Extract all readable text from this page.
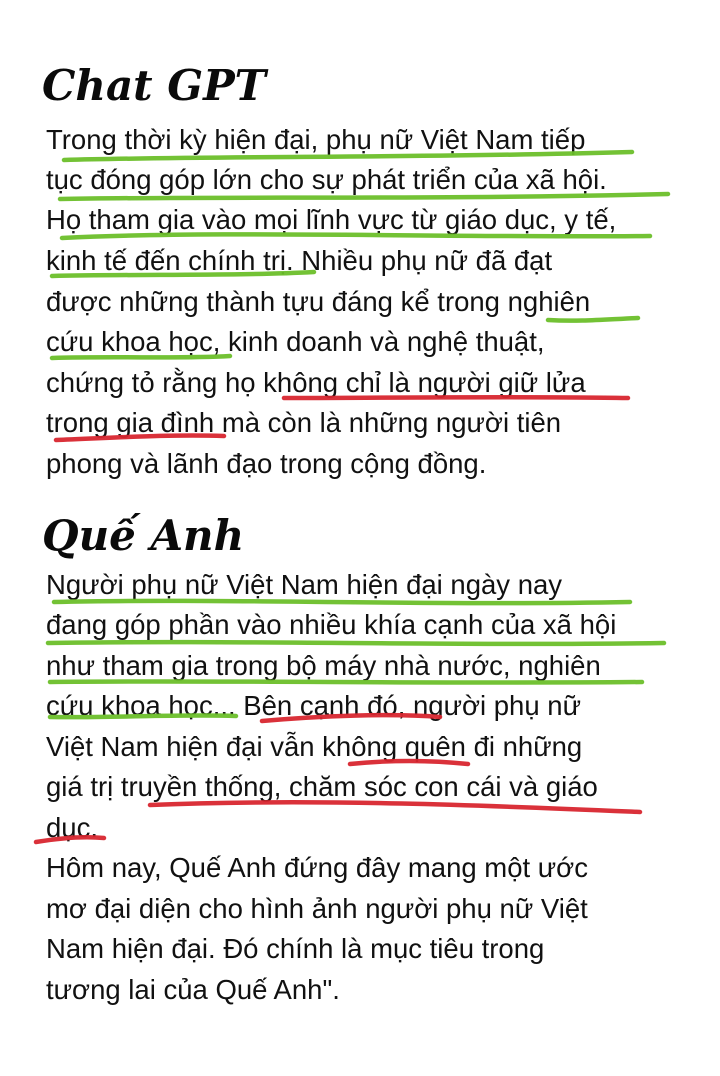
Chat GPT

Trong thời kỳ hiện đại, phụ nữ Việt Nam tiếp

tục đóng góp lớn cho sự phát triển của xã hội.

Họ tham gia vào mọi lĩnh vực từ giáo dục, y tế,

kinh tế đến chính trị. Nhiều phụ nữ đã đạt

được những thành tựu đáng kể trong nghiên

cứu khoa học, kinh doanh và nghệ thuật,

chứng tỏ rằng họ không chỉ là người giữ lửa

trong gia đình mà còn là những người tiên

phong và lãnh đạo trong cộng đồng.

Quế Anh

Người phụ nữ Việt Nam hiện đại ngày nay

đang góp phần vào nhiều khía cạnh của xã hội

như tham gia trong bộ máy nhà nước, nghiên

cứu khoa học... Bên cạnh đó, người phụ nữ

Việt Nam hiện đại vẫn không quên đi những

giá trị truyền thống, chăm sóc con cái và giáo

dục.

Hôm nay, Quế Anh đứng đây mang một ước

mơ đại diện cho hình ảnh người phụ nữ Việt

Nam hiện đại. Đó chính là mục tiêu trong

tương lai của Quế Anh".
